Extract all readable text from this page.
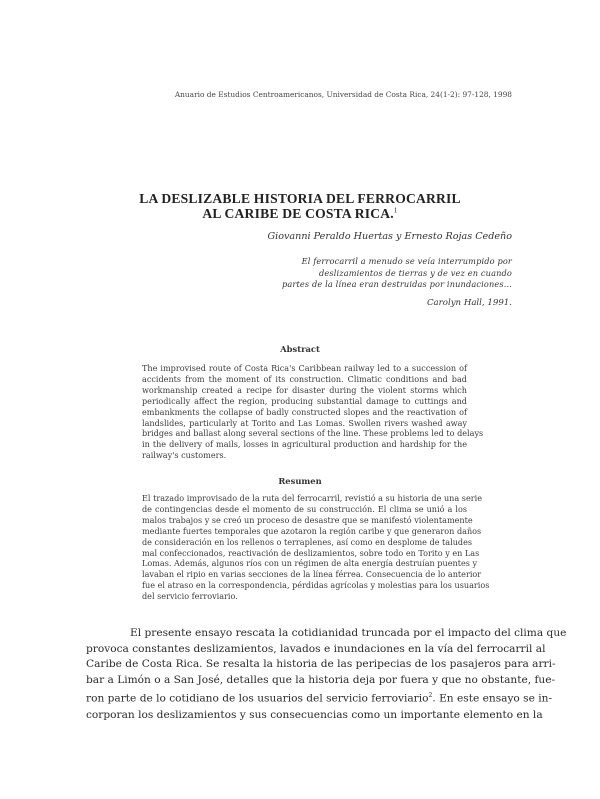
Anuario de Estudios Centroamericanos, Universidad de Costa Rica, 24(1-2): 97-128, 1998
LA DESLIZABLE HISTORIA DEL FERROCARRIL
AL CARIBE DE COSTA RICA.$^1$
Giovanni Peraldo Huertas y Ernesto Rojas Cedeño
El ferrocarril a menudo se veía interrumpido por
deslizamientos de tierras y de vez en cuando
partes de la línea eran destruidas por inundaciones...
Carolyn Hall, 1991.
Abstract
The improvised route of Costa Rica's Caribbean railway led to a succession of
accidents from the moment of its construction. Climatic conditions and bad
workmanship created a recipe for disaster during the violent storms which
periodically affect the region, producing substantial damage to cuttings and
embankments the collapse of badly constructed slopes and the reactivation of
landslides, particularly at Torito and Las Lomas. Swollen rivers washed away
bridges and ballast along several sections of the line. These problems led to delays
in the delivery of mails, losses in agricultural production and hardship for the
railway's customers.
Resumen
El trazado improvisado de la ruta del ferrocarril, revistió a su historia de una serie
de contingencias desde el momento de su construcción. El clima se unió a los
malos trabajos y se creó un proceso de desastre que se manifestó violentamente
mediante fuertes temporales que azotaron la región caribe y que generaron daños
de consideración en los rellenos o terraplenes, así como en desplome de taludes
mal confeccionados, reactivación de deslizamientos, sobre todo en Torito y en Las
Lomas. Además, algunos ríos con un régimen de alta energía destruían puentes y
lavaban el ripio en varias secciones de la línea férrea. Consecuencia de lo anterior
fue el atraso en la correspondencia, pérdidas agrícolas y molestias para los usuarios
del servicio ferroviario.
El presente ensayo rescata la cotidianidad truncada por el impacto del clima que
provoca constantes deslizamientos, lavados e inundaciones en la vía del ferrocarril al
Caribe de Costa Rica. Se resalta la historia de las peripecias de los pasajeros para arri-
bar a Limón o a San José, detalles que la historia deja por fuera y que no obstante, fue-
ron parte de lo cotidiano de los usuarios del servicio ferroviario$^2$. En este ensayo se in-
corporan los deslizamientos y sus consecuencias como un importante elemento en la
